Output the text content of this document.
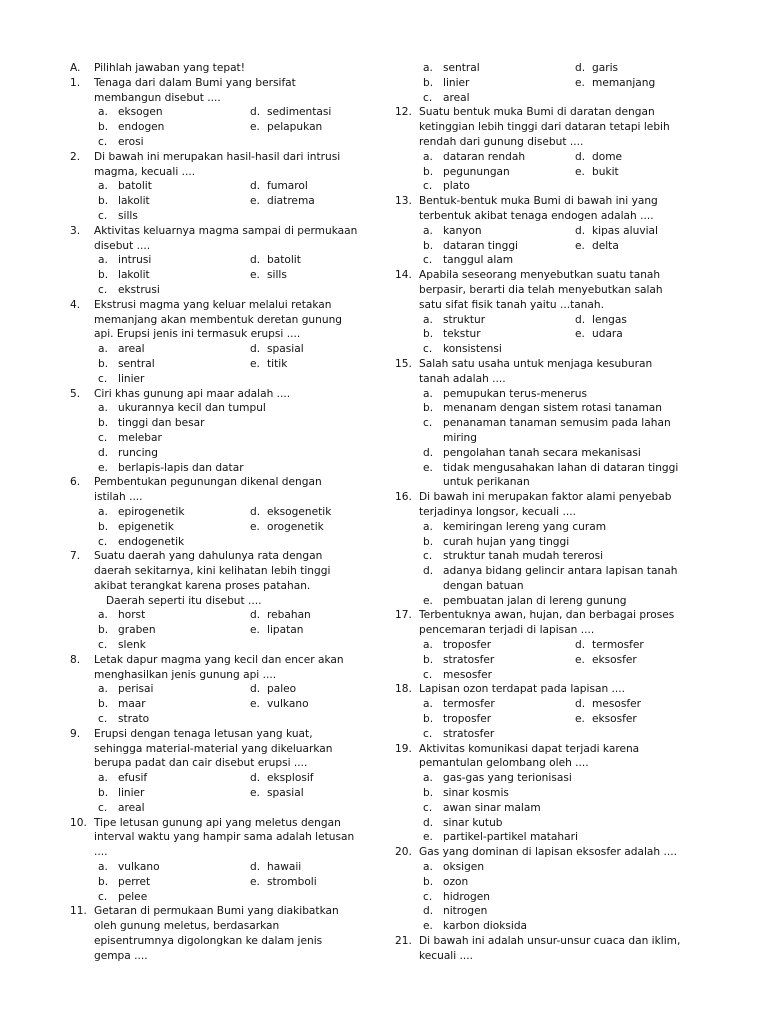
A. Pilihlah jawaban yang tepat!
1. Tenaga dari dalam Bumi yang bersifat
membangun disebut ....
a. eksogen	d. sedimentasi
b. endogen	e. pelapukan
c. erosi
2. Di bawah ini merupakan hasil-hasil dari intrusi
magma, kecuali ....
a. batolit	d. fumarol
b. lakolit	e. diatrema
c. sills
3. Aktivitas keluarnya magma sampai di permukaan
disebut ....
a. intrusi	d. batolit
b. lakolit	e. sills
c. ekstrusi
4. Ekstrusi magma yang keluar melalui retakan
memanjang akan membentuk deretan gunung
api. Erupsi jenis ini termasuk erupsi ....
a. areal	d. spasial
b. sentral	e. titik
c. linier
5. Ciri khas gunung api maar adalah ....
a. ukurannya kecil dan tumpul
b. tinggi dan besar
c. melebar
d. runcing
e. berlapis-lapis dan datar
6. Pembentukan pegunungan dikenal dengan
istilah ....
a. epirogenetik	d. eksogenetik
b. epigenetik	e. orogenetik
c. endogenetik
7. Suatu daerah yang dahulunya rata dengan
daerah sekitarnya, kini kelihatan lebih tinggi
akibat terangkat karena proses patahan.
Daerah seperti itu disebut ....
a. horst	d. rebahan
b. graben	e. lipatan
c. slenk
8. Letak dapur magma yang kecil dan encer akan
menghasilkan jenis gunung api ....
a. perisai	d. paleo
b. maar	e. vulkano
c. strato
9. Erupsi dengan tenaga letusan yang kuat,
sehingga material-material yang dikeluarkan
berupa padat dan cair disebut erupsi ....
a. efusif	d. eksplosif
b. linier	e. spasial
c. areal
10. Tipe letusan gunung api yang meletus dengan
interval waktu yang hampir sama adalah letusan
....
a. vulkano	d. hawaii
b. perret	e. stromboli
c. pelee
11. Getaran di permukaan Bumi yang diakibatkan
oleh gunung meletus, berdasarkan
episentrumnya digolongkan ke dalam jenis
gempa ....
a. sentral	d. garis
b. linier	e. memanjang
c. areal
12. Suatu bentuk muka Bumi di daratan dengan
ketinggian lebih tinggi dari dataran tetapi lebih
rendah dari gunung disebut ....
a. dataran rendah	d. dome
b. pegunungan	e. bukit
c. plato
13. Bentuk-bentuk muka Bumi di bawah ini yang
terbentuk akibat tenaga endogen adalah ....
a. kanyon	d. kipas aluvial
b. dataran tinggi	e. delta
c. tanggul alam
14. Apabila seseorang menyebutkan suatu tanah
berpasir, berarti dia telah menyebutkan salah
satu sifat fisik tanah yaitu ...tanah.
a. struktur	d. lengas
b. tekstur	e. udara
c. konsistensi
15. Salah satu usaha untuk menjaga kesuburan
tanah adalah ....
a. pemupukan terus-menerus
b. menanam dengan sistem rotasi tanaman
c. penanaman tanaman semusim pada lahan
miring
d. pengolahan tanah secara mekanisasi
e. tidak mengusahakan lahan di dataran tinggi
untuk perikanan
16. Di bawah ini merupakan faktor alami penyebab
terjadinya longsor, kecuali ....
a. kemiringan lereng yang curam
b. curah hujan yang tinggi
c. struktur tanah mudah tererosi
d. adanya bidang gelincir antara lapisan tanah
dengan batuan
e. pembuatan jalan di lereng gunung
17. Terbentuknya awan, hujan, dan berbagai proses
pencemaran terjadi di lapisan ....
a. troposfer	d. termosfer
b. stratosfer	e. eksosfer
c. mesosfer
18. Lapisan ozon terdapat pada lapisan ....
a. termosfer	d. mesosfer
b. troposfer	e. eksosfer
c. stratosfer
19. Aktivitas komunikasi dapat terjadi karena
pemantulan gelombang oleh ....
a. gas-gas yang terionisasi
b. sinar kosmis
c. awan sinar malam
d. sinar kutub
e. partikel-partikel matahari
20. Gas yang dominan di lapisan eksosfer adalah ....
a. oksigen
b. ozon
c. hidrogen
d. nitrogen
e. karbon dioksida
21. Di bawah ini adalah unsur-unsur cuaca dan iklim,
kecuali ....
